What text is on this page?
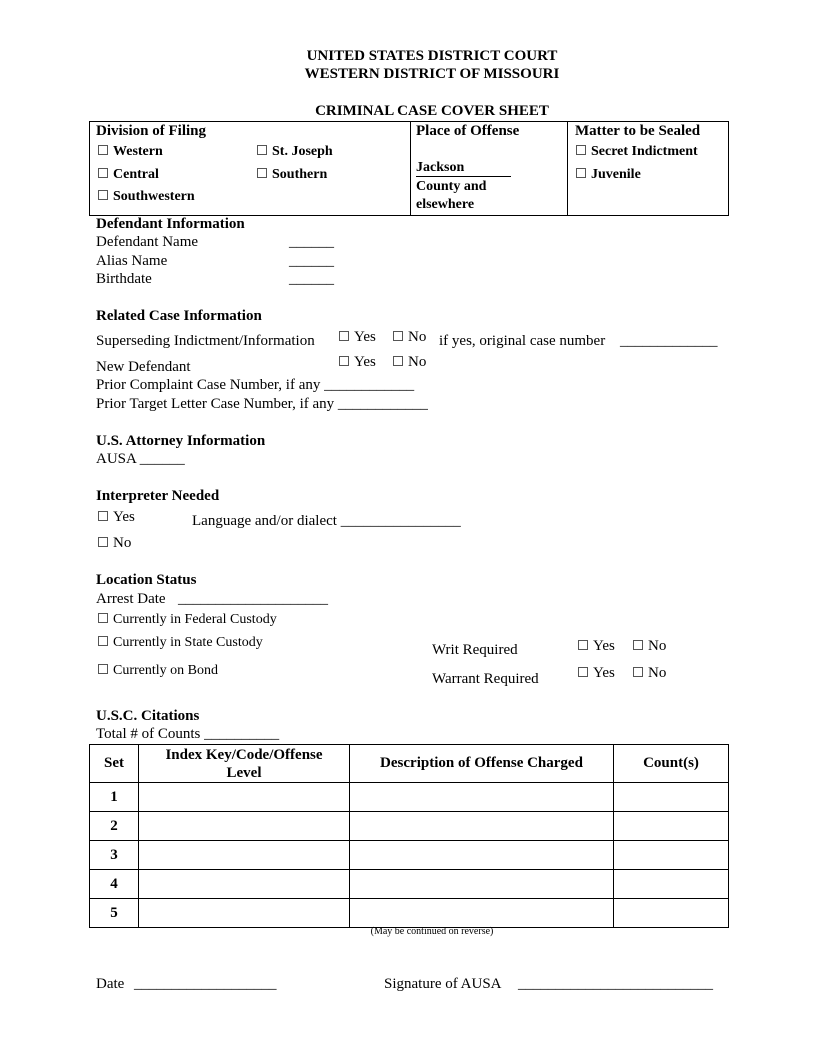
UNITED STATES DISTRICT COURT
WESTERN DISTRICT OF MISSOURI
CRIMINAL CASE COVER SHEET

Division of Filing
Western
Central
Southwestern
St. Joseph
Southern
Place of Offense
Jackson
County and
elsewhere
Matter to be Sealed
Secret Indictment
Juvenile
Defendant Information
Defendant Name	______
Alias Name	______
Birthdate	______
Related Case Information
Superseding Indictment/Information	Yes	No if yes, original case number _____________
New Defendant	Yes	No
Prior Complaint Case Number, if any ____________
Prior Target Letter Case Number, if any ____________
U.S. Attorney Information
AUSA ______
Interpreter Needed
Yes
No
Language and/or dialect ________________
Location Status
Arrest Date ____________________
Currently in Federal Custody
Currently in State Custody
Currently on Bond
Writ Required	Yes	No
Warrant Required	Yes	No
U.S.C. Citations
Total # of Counts __________
Set	Index Key/Code/Offense Level	Description of Offense Charged	Count(s)
1			
2			
3			
4			
5			
(May be continued on reverse)
Date ___________________	Signature of AUSA __________________________
